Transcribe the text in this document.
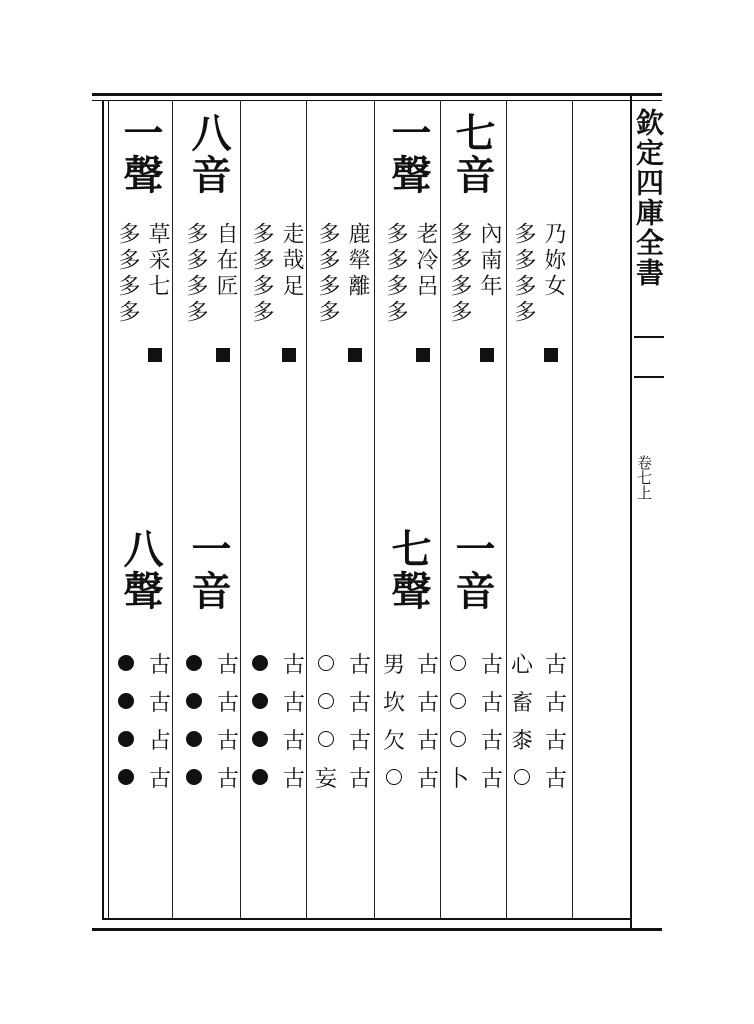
欽定四庫全書
卷七上
乃妳女
多多多多
古
古
古
古
心
畜
桼
七音
內南年
多多多多
一音
古
古
古
古
卜
一聲
老冷呂
多多多多
七聲
古
古
古
古
男
坎
欠
鹿犖離
多多多多
古
古
古
古
妄
走哉足
多多多多
古
古
古
古
八音
自在匠
多多多多
一音
古
古
古
古
一聲
草采七
多多多多
八聲
古
古
占
古
